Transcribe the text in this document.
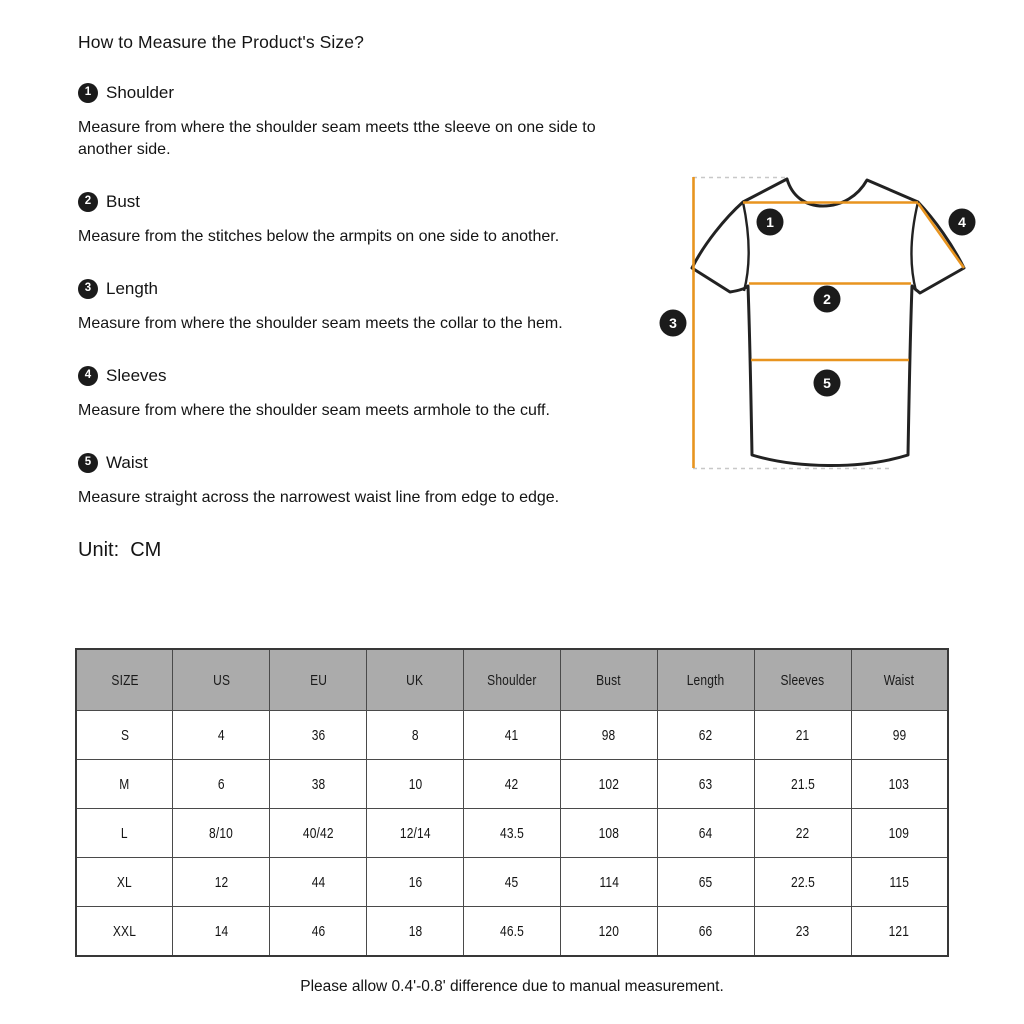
How to Measure the Product's Size?
1 Shoulder

Measure from where the shoulder seam meets tthe sleeve on one side to another side.

2 Bust

Measure from the stitches below the armpits on one side to another.

3 Length

Measure from where the shoulder seam meets the collar to the hem.

4 Sleeves

Measure from where the shoulder seam meets armhole to the cuff.

5 Waist

Measure straight across the narrowest waist line from edge to edge.

Unit:  CM
1
2
3
4
5
SIZE	US	EU	UK	Shoulder	Bust	Length	Sleeves	Waist
S	4	36	8	41	98	62	21	99
M	6	38	10	42	102	63	21.5	103
L	8/10	40/42	12/14	43.5	108	64	22	109
XL	12	44	16	45	114	65	22.5	115
XXL	14	46	18	46.5	120	66	23	121

Please allow 0.4'-0.8' difference due to manual measurement.
